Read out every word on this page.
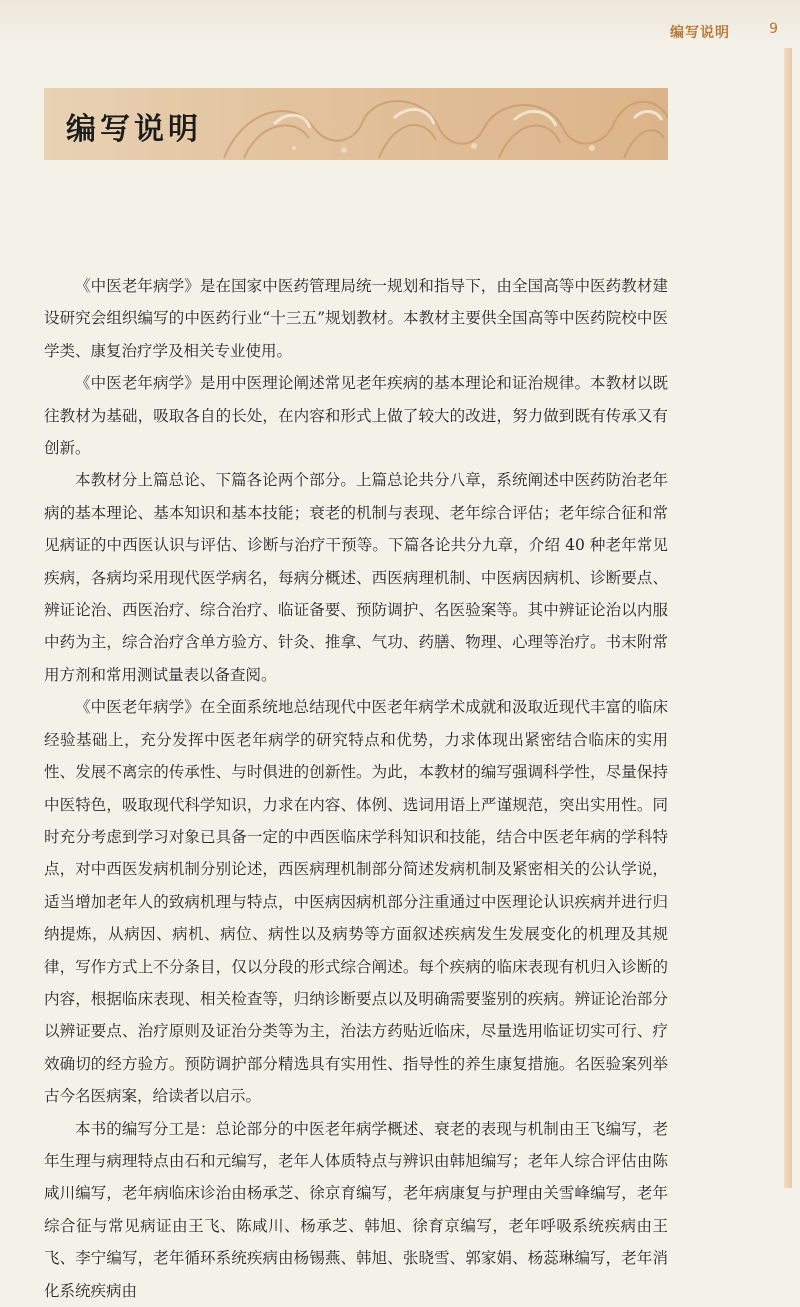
编写说明	9
编写说明

《中医老年病学》是在国家中医药管理局统一规划和指导下，由全国高等中医药教材建设研究会组织编写的中医药行业“十三五”规划教材。本教材主要供全国高等中医药院校中医学类、康复治疗学及相关专业使用。

《中医老年病学》是用中医理论阐述常见老年疾病的基本理论和证治规律。本教材以既往教材为基础，吸取各自的长处，在内容和形式上做了较大的改进，努力做到既有传承又有创新。

本教材分上篇总论、下篇各论两个部分。上篇总论共分八章，系统阐述中医药防治老年病的基本理论、基本知识和基本技能；衰老的机制与表现、老年综合评估；老年综合征和常见病证的中西医认识与评估、诊断与治疗干预等。下篇各论共分九章，介绍 40 种老年常见疾病，各病均采用现代医学病名，每病分概述、西医病理机制、中医病因病机、诊断要点、辨证论治、西医治疗、综合治疗、临证备要、预防调护、名医验案等。其中辨证论治以内服中药为主，综合治疗含单方验方、针灸、推拿、气功、药膳、物理、心理等治疗。书末附常用方剂和常用测试量表以备查阅。

《中医老年病学》在全面系统地总结现代中医老年病学术成就和汲取近现代丰富的临床经验基础上，充分发挥中医老年病学的研究特点和优势，力求体现出紧密结合临床的实用性、发展不离宗的传承性、与时俱进的创新性。为此，本教材的编写强调科学性，尽量保持中医特色，吸取现代科学知识，力求在内容、体例、选词用语上严谨规范，突出实用性。同时充分考虑到学习对象已具备一定的中西医临床学科知识和技能，结合中医老年病的学科特点，对中西医发病机制分别论述，西医病理机制部分简述发病机制及紧密相关的公认学说，适当增加老年人的致病机理与特点，中医病因病机部分注重通过中医理论认识疾病并进行归纳提炼，从病因、病机、病位、病性以及病势等方面叙述疾病发生发展变化的机理及其规律，写作方式上不分条目，仅以分段的形式综合阐述。每个疾病的临床表现有机归入诊断的内容，根据临床表现、相关检查等，归纳诊断要点以及明确需要鉴别的疾病。辨证论治部分以辨证要点、治疗原则及证治分类等为主，治法方药贴近临床，尽量选用临证切实可行、疗效确切的经方验方。预防调护部分精选具有实用性、指导性的养生康复措施。名医验案列举古今名医病案，给读者以启示。

本书的编写分工是：总论部分的中医老年病学概述、衰老的表现与机制由王飞编写，老年生理与病理特点由石和元编写，老年人体质特点与辨识由韩旭编写；老年人综合评估由陈咸川编写，老年病临床诊治由杨承芝、徐京育编写，老年病康复与护理由关雪峰编写，老年综合征与常见病证由王飞、陈咸川、杨承芝、韩旭、徐育京编写，老年呼吸系统疾病由王飞、李宁编写，老年循环系统疾病由杨锡燕、韩旭、张晓雪、郭家娟、杨蕊琳编写，老年消化系统疾病由
